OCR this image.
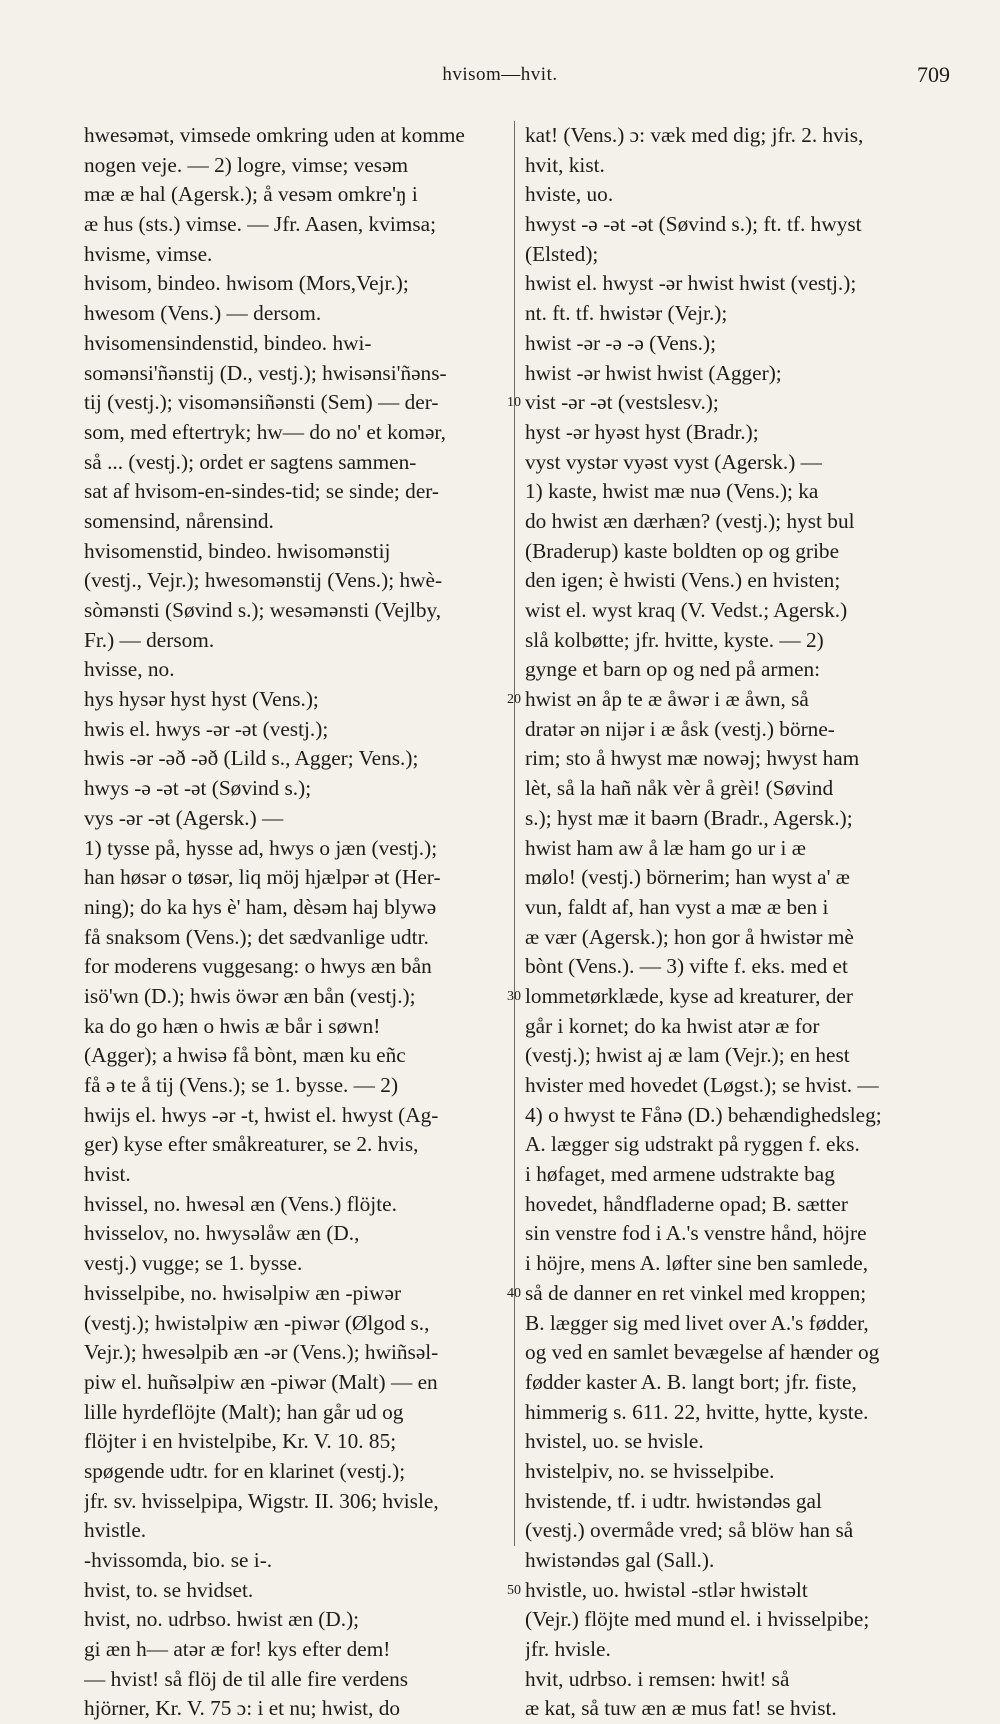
hvisom—hvit.	709
hwesəmət, vimsede omkring uden at komme
nogen veje. — 2) logre, vimse; vesəm
mæ æ hal (Agersk.); å vesəm omkre'ŋ i
æ hus (sts.) vimse. — Jfr. Aasen, kvimsa;
hvisme, vimse.
hvisom, bindeo. hwisom (Mors,Vejr.);
hwesom (Vens.) — dersom.
hvisomensindenstid, bindeo. hwi-
somənsi'ñənstij (D., vestj.); hwisənsi'ñəns-
tij (vestj.); visomənsiñənsti (Sem) — der-
som, med eftertryk; hw— do no' et komər,
så ... (vestj.); ordet er sagtens sammen-
sat af hvisom-en-sindes-tid; se sinde; der-
somensind, nårensind.
hvisomenstid, bindeo. hwisomənstij
(vestj., Vejr.); hwesomənstij (Vens.); hwè-
sòmənsti (Søvind s.); wesəmənsti (Vejlby,
Fr.) — dersom.
hvisse, no.
hys hysər hyst hyst (Vens.);
hwis el. hwys -ər -ət (vestj.);
hwis -ər -əð -əð (Lild s., Agger; Vens.);
hwys -ə -ət -ət (Søvind s.);
vys -ər -ət (Agersk.) —
1) tysse på, hysse ad, hwys o jæn (vestj.);
han høsər o tøsər, liq möj hjælpər ət (Her-
ning); do ka hys è' ham, dèsəm haj blywə
få snaksom (Vens.); det sædvanlige udtr.
for moderens vuggesang: o hwys æn bån
isö'wn (D.); hwis öwər æn bån (vestj.);
ka do go hæn o hwis æ bår i søwn!
(Agger); a hwisə få bònt, mæn ku eñc
få ə te å tij (Vens.); se 1. bysse. — 2)
hwijs el. hwys -ər -t, hwist el. hwyst (Ag-
ger) kyse efter småkreaturer, se 2. hvis,
hvist.
hvissel, no. hwesəl æn (Vens.) flöjte.
hvisselov, no. hwysəlåw æn (D.,
vestj.) vugge; se 1. bysse.
hvisselpibe, no. hwisəlpiw æn -piwər
(vestj.); hwistəlpiw æn -piwər (Ølgod s.,
Vejr.); hwesəlpib æn -ər (Vens.); hwiñsəl-
piw el. huñsəlpiw æn -piwər (Malt) — en
lille hyrdeflöjte (Malt); han går ud og
flöjter i en hvistelpibe, Kr. V. 10. 85;
spøgende udtr. for en klarinet (vestj.);
jfr. sv. hvisselpipa, Wigstr. II. 306; hvisle,
hvistle.
-hvissomda, bio. se i-.
hvist, to. se hvidset.
hvist, no. udrbso. hwist æn (D.);
gi æn h— atər æ for! kys efter dem!
— hvist! så flöj de til alle fire verdens
hjörner, Kr. V. 75 ɔ: i et nu; hwist, do
kat! (Vens.) ɔ: væk med dig; jfr. 2. hvis,
hvit, kist.
hviste, uo.
hwyst -ə -ət -ət (Søvind s.); ft. tf. hwyst
(Elsted);
hwist el. hwyst -ər hwist hwist (vestj.);
nt. ft. tf. hwistər (Vejr.);
hwist -ər -ə -ə (Vens.);
hwist -ər hwist hwist (Agger);
vist -ər -ət (vestslesv.);
hyst -ər hyəst hyst (Bradr.);
vyst vystər vyəst vyst (Agersk.) —
1) kaste, hwist mæ nuə (Vens.); ka
do hwist æn dærhæn? (vestj.); hyst bul
(Braderup) kaste boldten op og gribe
den igen; è hwisti (Vens.) en hvisten;
wist el. wyst kraq (V. Vedst.; Agersk.)
slå kolbøtte; jfr. hvitte, kyste. — 2)
gynge et barn op og ned på armen:
hwist ən åp te æ åwər i æ åwn, så
dratər ən nijər i æ åsk (vestj.) börne-
rim; sto å hwyst mæ nowəj; hwyst ham
lèt, så la hañ nåk vèr å grèi! (Søvind
s.); hyst mæ it baərn (Bradr., Agersk.);
hwist ham aw å læ ham go ur i æ
mølo! (vestj.) börnerim; han wyst a' æ
vun, faldt af, han vyst a mæ æ ben i
æ vær (Agersk.); hon gor å hwistər mè
bònt (Vens.). — 3) vifte f. eks. med et
lommetørklæde, kyse ad kreaturer, der
går i kornet; do ka hwist atər æ for
(vestj.); hwist aj æ lam (Vejr.); en hest
hvister med hovedet (Løgst.); se hvist. —
4) o hwyst te Fånə (D.) behændighedsleg;
A. lægger sig udstrakt på ryggen f. eks.
i høfaget, med armene udstrakte bag
hovedet, håndfladerne opad; B. sætter
sin venstre fod i A.'s venstre hånd, höjre
i höjre, mens A. løfter sine ben samlede,
så de danner en ret vinkel med kroppen;
B. lægger sig med livet over A.'s fødder,
og ved en samlet bevægelse af hænder og
fødder kaster A. B. langt bort; jfr. fiste,
himmerig s. 611. 22, hvitte, hytte, kyste.
hvistel, uo. se hvisle.
hvistelpiv, no. se hvisselpibe.
hvistende, tf. i udtr. hwistəndəs gal
(vestj.) overmåde vred; så blöw han så
hwistəndəs gal (Sall.).
hvistle, uo. hwistəl -stlər hwistəlt
(Vejr.) flöjte med mund el. i hvisselpibe;
jfr. hvisle.
hvit, udrbso. i remsen: hwit! så
æ kat, så tuw æn æ mus fat! se hvist.
10
20
30
40
50
